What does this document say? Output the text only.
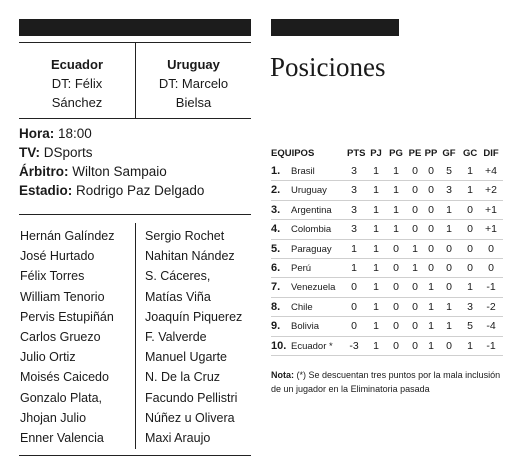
Ecuador
DT: Félix
Sánchez
Uruguay
DT: Marcelo
Bielsa
Hora: 18:00
TV: DSports
Árbitro: Wilton Sampaio
Estadio: Rodrigo Paz Delgado
Hernán Galíndez
José Hurtado
Félix Torres
William Tenorio
Pervis Estupiñán
Carlos Gruezo
Julio Ortiz
Moisés Caicedo
Gonzalo Plata,
Jhojan Julio
Enner Valencia
Sergio Rochet
Nahitan Nández
S. Cáceres,
Matías Viña
Joaquín Piquerez
F. Valverde
Manuel Ugarte
N. De la Cruz
Facundo Pellistri
Núñez u Olivera
Maxi Araujo
Posiciones
EQUIPOS	PTS PJ PG PE PP GF GC DIF
1. Brasil	3	1	1	0 0	5	1	+4
2. Uruguay	3	1	1	0 0	3	1	+2
3. Argentina	3	1	1	0 0	1	0	+1
4. Colombia	3	1	1	0 0	1	0	+1
5. Paraguay	1	1	0	1 0	0	0	0
6. Perú	1	1	0	1 0	0	0	0
7. Venezuela	0	1	0	0 1	0	1	-1
8. Chile	0	1	0	0 1	1	3	-2
9. Bolivia	0	1	0	0 1	1	5	-4
10. Ecuador * -3	1	0	0 1	0	1	-1
Nota: (*) Se descuentan tres puntos por la mala inclusión de un jugador en la Eliminatoria pasada
